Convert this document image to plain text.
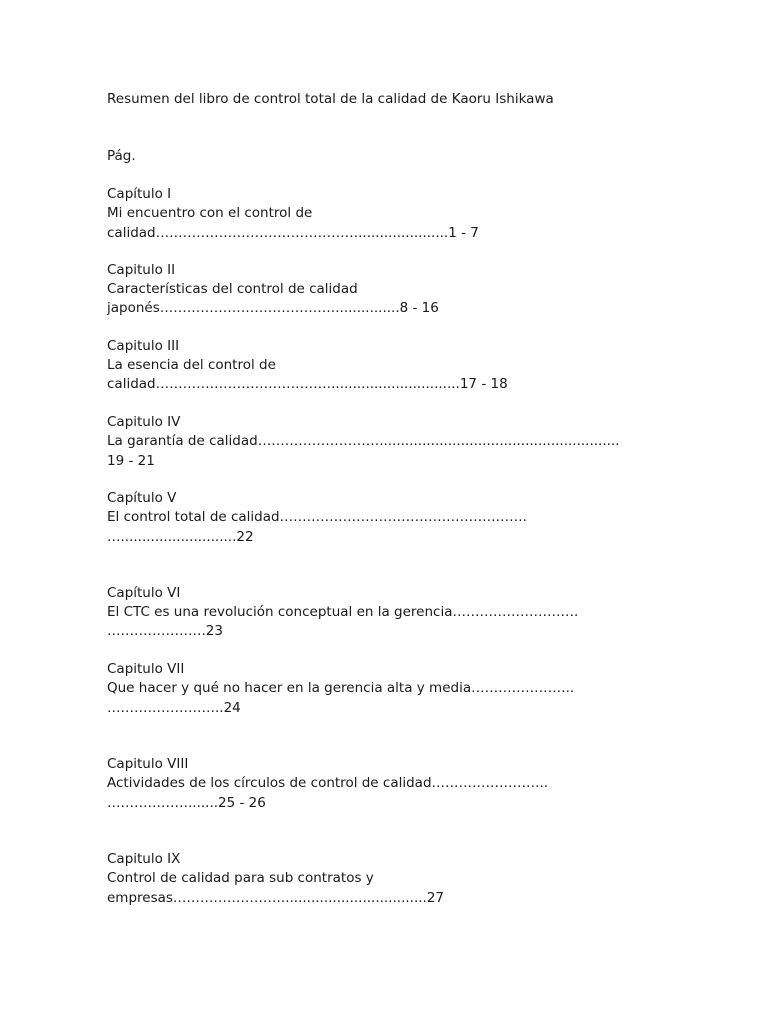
Resumen del libro de control total de la calidad de Kaoru Ishikawa
Pág.
Capítulo I
Mi encuentro con el control de
calidad……………………………………….....................1 - 7
Capitulo II
Características del control de calidad
japonés…………………………………...............8 - 16
Capitulo III
La esencia del control de
calidad…………………………………..............................17 - 18
Capitulo IV
La garantía de calidad………………………........................................................
19 - 21
Capítulo V
El control total de calidad……………………………………………….
…...........................22
Capítulo VI
El CTC es una revolución conceptual en la gerencia……………………….
………………….23
Capitulo VII
Que hacer y qué no hacer en la gerencia alta y media…………………..
……………………..24
Capitulo VIII
Actividades de los círculos de control de calidad……………………..
……………….......25 - 26
Capitulo IX
Control de calidad para sub contratos y
empresas……………………..................................27
